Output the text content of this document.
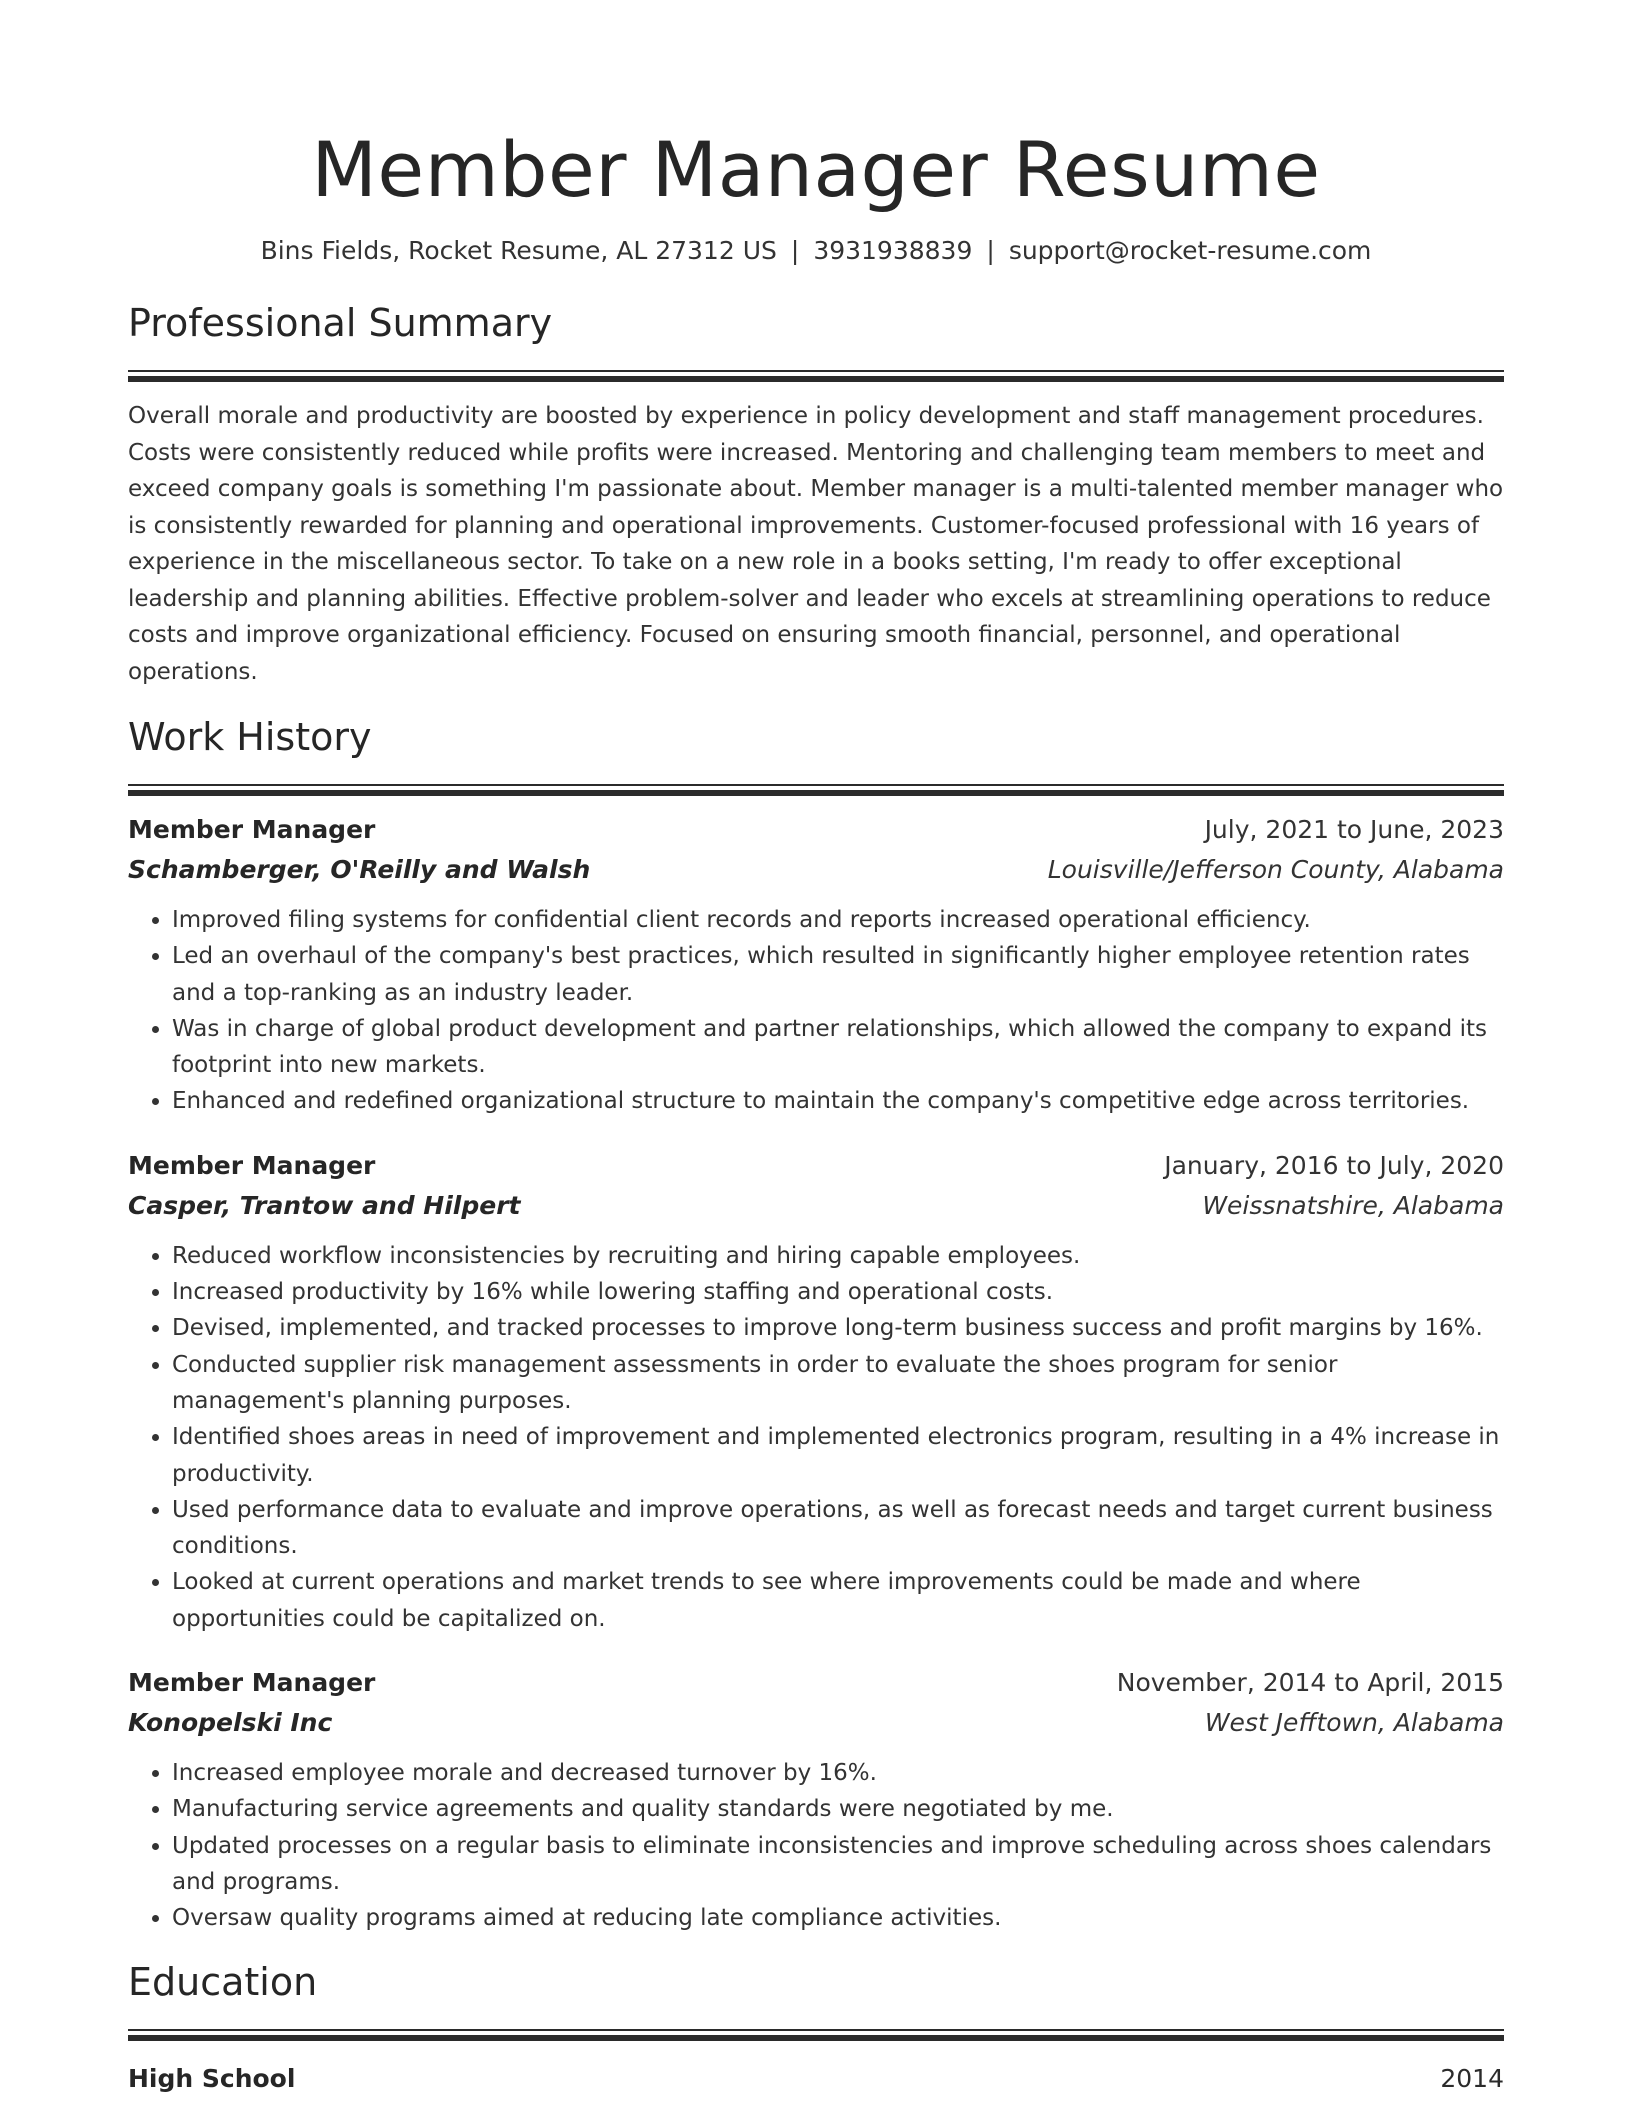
Member Manager Resume
Bins Fields, Rocket Resume, AL 27312 US | 3931938839 | support@rocket-resume.com
Professional Summary
Overall morale and productivity are boosted by experience in policy development and staff management procedures. Costs were consistently reduced while profits were increased. Mentoring and challenging team members to meet and exceed company goals is something I'm passionate about. Member manager is a multi-talented member manager who is consistently rewarded for planning and operational improvements. Customer-focused professional with 16 years of experience in the miscellaneous sector. To take on a new role in a books setting, I'm ready to offer exceptional leadership and planning abilities. Effective problem-solver and leader who excels at streamlining operations to reduce costs and improve organizational efficiency. Focused on ensuring smooth financial, personnel, and operational operations.
Work History
Member Manager	July, 2021 to June, 2023
Schamberger, O'Reilly and Walsh	Louisville/Jefferson County, Alabama
• Improved filing systems for confidential client records and reports increased operational efficiency.
• Led an overhaul of the company's best practices, which resulted in significantly higher employee retention rates and a top-ranking as an industry leader.
• Was in charge of global product development and partner relationships, which allowed the company to expand its footprint into new markets.
• Enhanced and redefined organizational structure to maintain the company's competitive edge across territories.
Member Manager	January, 2016 to July, 2020
Casper, Trantow and Hilpert	Weissnatshire, Alabama
• Reduced workflow inconsistencies by recruiting and hiring capable employees.
• Increased productivity by 16% while lowering staffing and operational costs.
• Devised, implemented, and tracked processes to improve long-term business success and profit margins by 16%.
• Conducted supplier risk management assessments in order to evaluate the shoes program for senior management's planning purposes.
• Identified shoes areas in need of improvement and implemented electronics program, resulting in a 4% increase in productivity.
• Used performance data to evaluate and improve operations, as well as forecast needs and target current business conditions.
• Looked at current operations and market trends to see where improvements could be made and where opportunities could be capitalized on.
Member Manager	November, 2014 to April, 2015
Konopelski Inc	West Jefftown, Alabama
• Increased employee morale and decreased turnover by 16%.
• Manufacturing service agreements and quality standards were negotiated by me.
• Updated processes on a regular basis to eliminate inconsistencies and improve scheduling across shoes calendars and programs.
• Oversaw quality programs aimed at reducing late compliance activities.
Education
High School	2014
